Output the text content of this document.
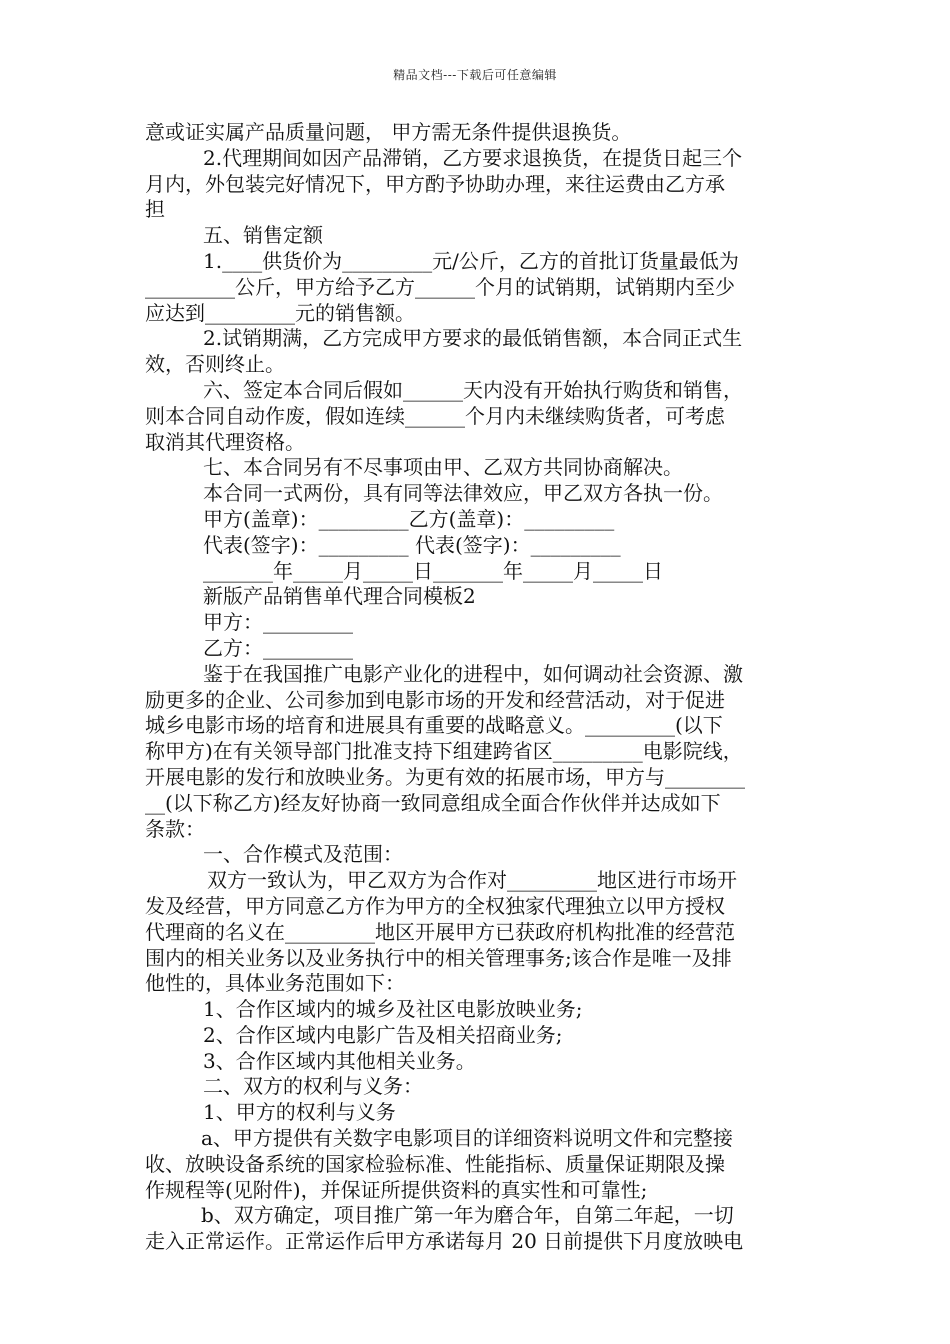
精品文档---下载后可任意编辑
意或证实属产品质量问题， 甲方需无条件提供退换货。
2.代理期间如因产品滞销，乙方要求退换货，在提货日起三个
月内，外包装完好情况下，甲方酌予协助办理，来往运费由乙方承
担
五、销售定额
1.____供货价为_________元/公斤，乙方的首批订货量最低为
_________公斤，甲方给予乙方______个月的试销期，试销期内至少
应达到_________元的销售额。
2.试销期满，乙方完成甲方要求的最低销售额，本合同正式生
效，否则终止。
六、签定本合同后假如______天内没有开始执行购货和销售，
则本合同自动作废，假如连续______个月内未继续购货者，可考虑
取消其代理资格。
七、本合同另有不尽事项由甲、乙双方共同协商解决。
本合同一式两份，具有同等法律效应，甲乙双方各执一份。
甲方(盖章)：_________乙方(盖章)：_________
代表(签字)：_________ 代表(签字)：_________
_______年_____月_____日_______年_____月_____日
新版产品销售单代理合同模板2
甲方：_________
乙方：_________
鉴于在我国推广电影产业化的进程中，如何调动社会资源、激
励更多的企业、公司参加到电影市场的开发和经营活动，对于促进
城乡电影市场的培育和进展具有重要的战略意义。_________(以下
称甲方)在有关领导部门批准支持下组建跨省区_________电影院线，
开展电影的发行和放映业务。为更有效的拓展市场，甲方与________
__(以下称乙方)经友好协商一致同意组成全面合作伙伴并达成如下
条款：
一、合作模式及范围：
双方一致认为，甲乙双方为合作对_________地区进行市场开
发及经营，甲方同意乙方作为甲方的全权独家代理独立以甲方授权
代理商的名义在_________地区开展甲方已获政府机构批准的经营范
围内的相关业务以及业务执行中的相关管理事务;该合作是唯一及排
他性的，具体业务范围如下：
1、合作区域内的城乡及社区电影放映业务;
2、合作区域内电影广告及相关招商业务;
3、合作区域内其他相关业务。
二、双方的权利与义务：
1、甲方的权利与义务
a、甲方提供有关数字电影项目的详细资料说明文件和完整接
收、放映设备系统的国家检验标准、性能指标、质量保证期限及操
作规程等(见附件)，并保证所提供资料的真实性和可靠性;
b、双方确定，项目推广第一年为磨合年，自第二年起，一切
走入正常运作。正常运作后甲方承诺每月 20 日前提供下月度放映电
